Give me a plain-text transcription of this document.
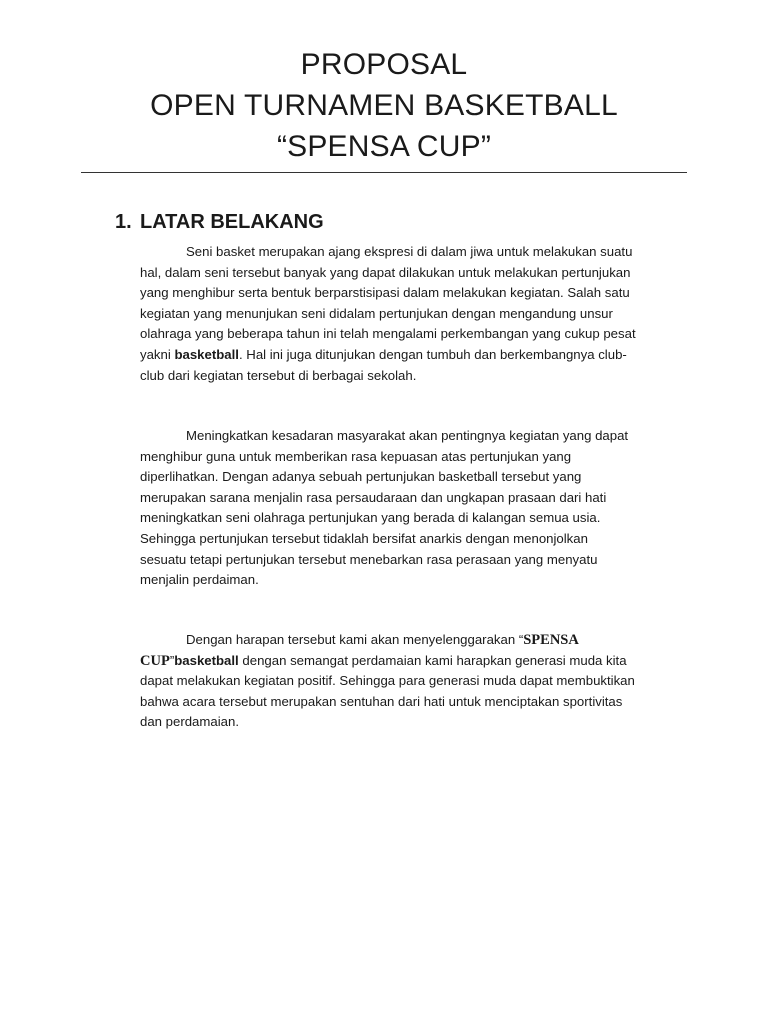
PROPOSAL
OPEN TURNAMEN BASKETBALL
“SPENSA CUP”
1. LATAR BELAKANG

Seni basket merupakan ajang ekspresi di dalam jiwa untuk melakukan suatu
hal, dalam seni tersebut banyak yang dapat dilakukan untuk melakukan pertunjukan
yang menghibur serta bentuk berparstisipasi dalam melakukan kegiatan. Salah satu
kegiatan yang menunjukan seni didalam pertunjukan dengan mengandung unsur
olahraga yang beberapa tahun ini telah mengalami perkembangan yang cukup pesat
yakni basketball. Hal ini juga ditunjukan dengan tumbuh dan berkembangnya club-
club dari kegiatan tersebut di berbagai sekolah.

Meningkatkan kesadaran masyarakat akan pentingnya kegiatan yang dapat
menghibur guna untuk memberikan rasa kepuasan atas pertunjukan yang
diperlihatkan. Dengan adanya sebuah pertunjukan basketball tersebut yang
merupakan sarana menjalin rasa persaudaraan dan ungkapan prasaan dari hati
meningkatkan seni olahraga pertunjukan yang berada di kalangan semua usia.
Sehingga pertunjukan tersebut tidaklah bersifat anarkis dengan menonjolkan
sesuatu tetapi pertunjukan tersebut menebarkan rasa perasaan yang menyatu
menjalin perdaiman.

Dengan harapan tersebut kami akan menyelenggarakan “SPENSA
CUP”basketball dengan semangat perdamaian kami harapkan generasi muda kita
dapat melakukan kegiatan positif. Sehingga para generasi muda dapat membuktikan
bahwa acara tersebut merupakan sentuhan dari hati untuk menciptakan sportivitas
dan perdamaian.
